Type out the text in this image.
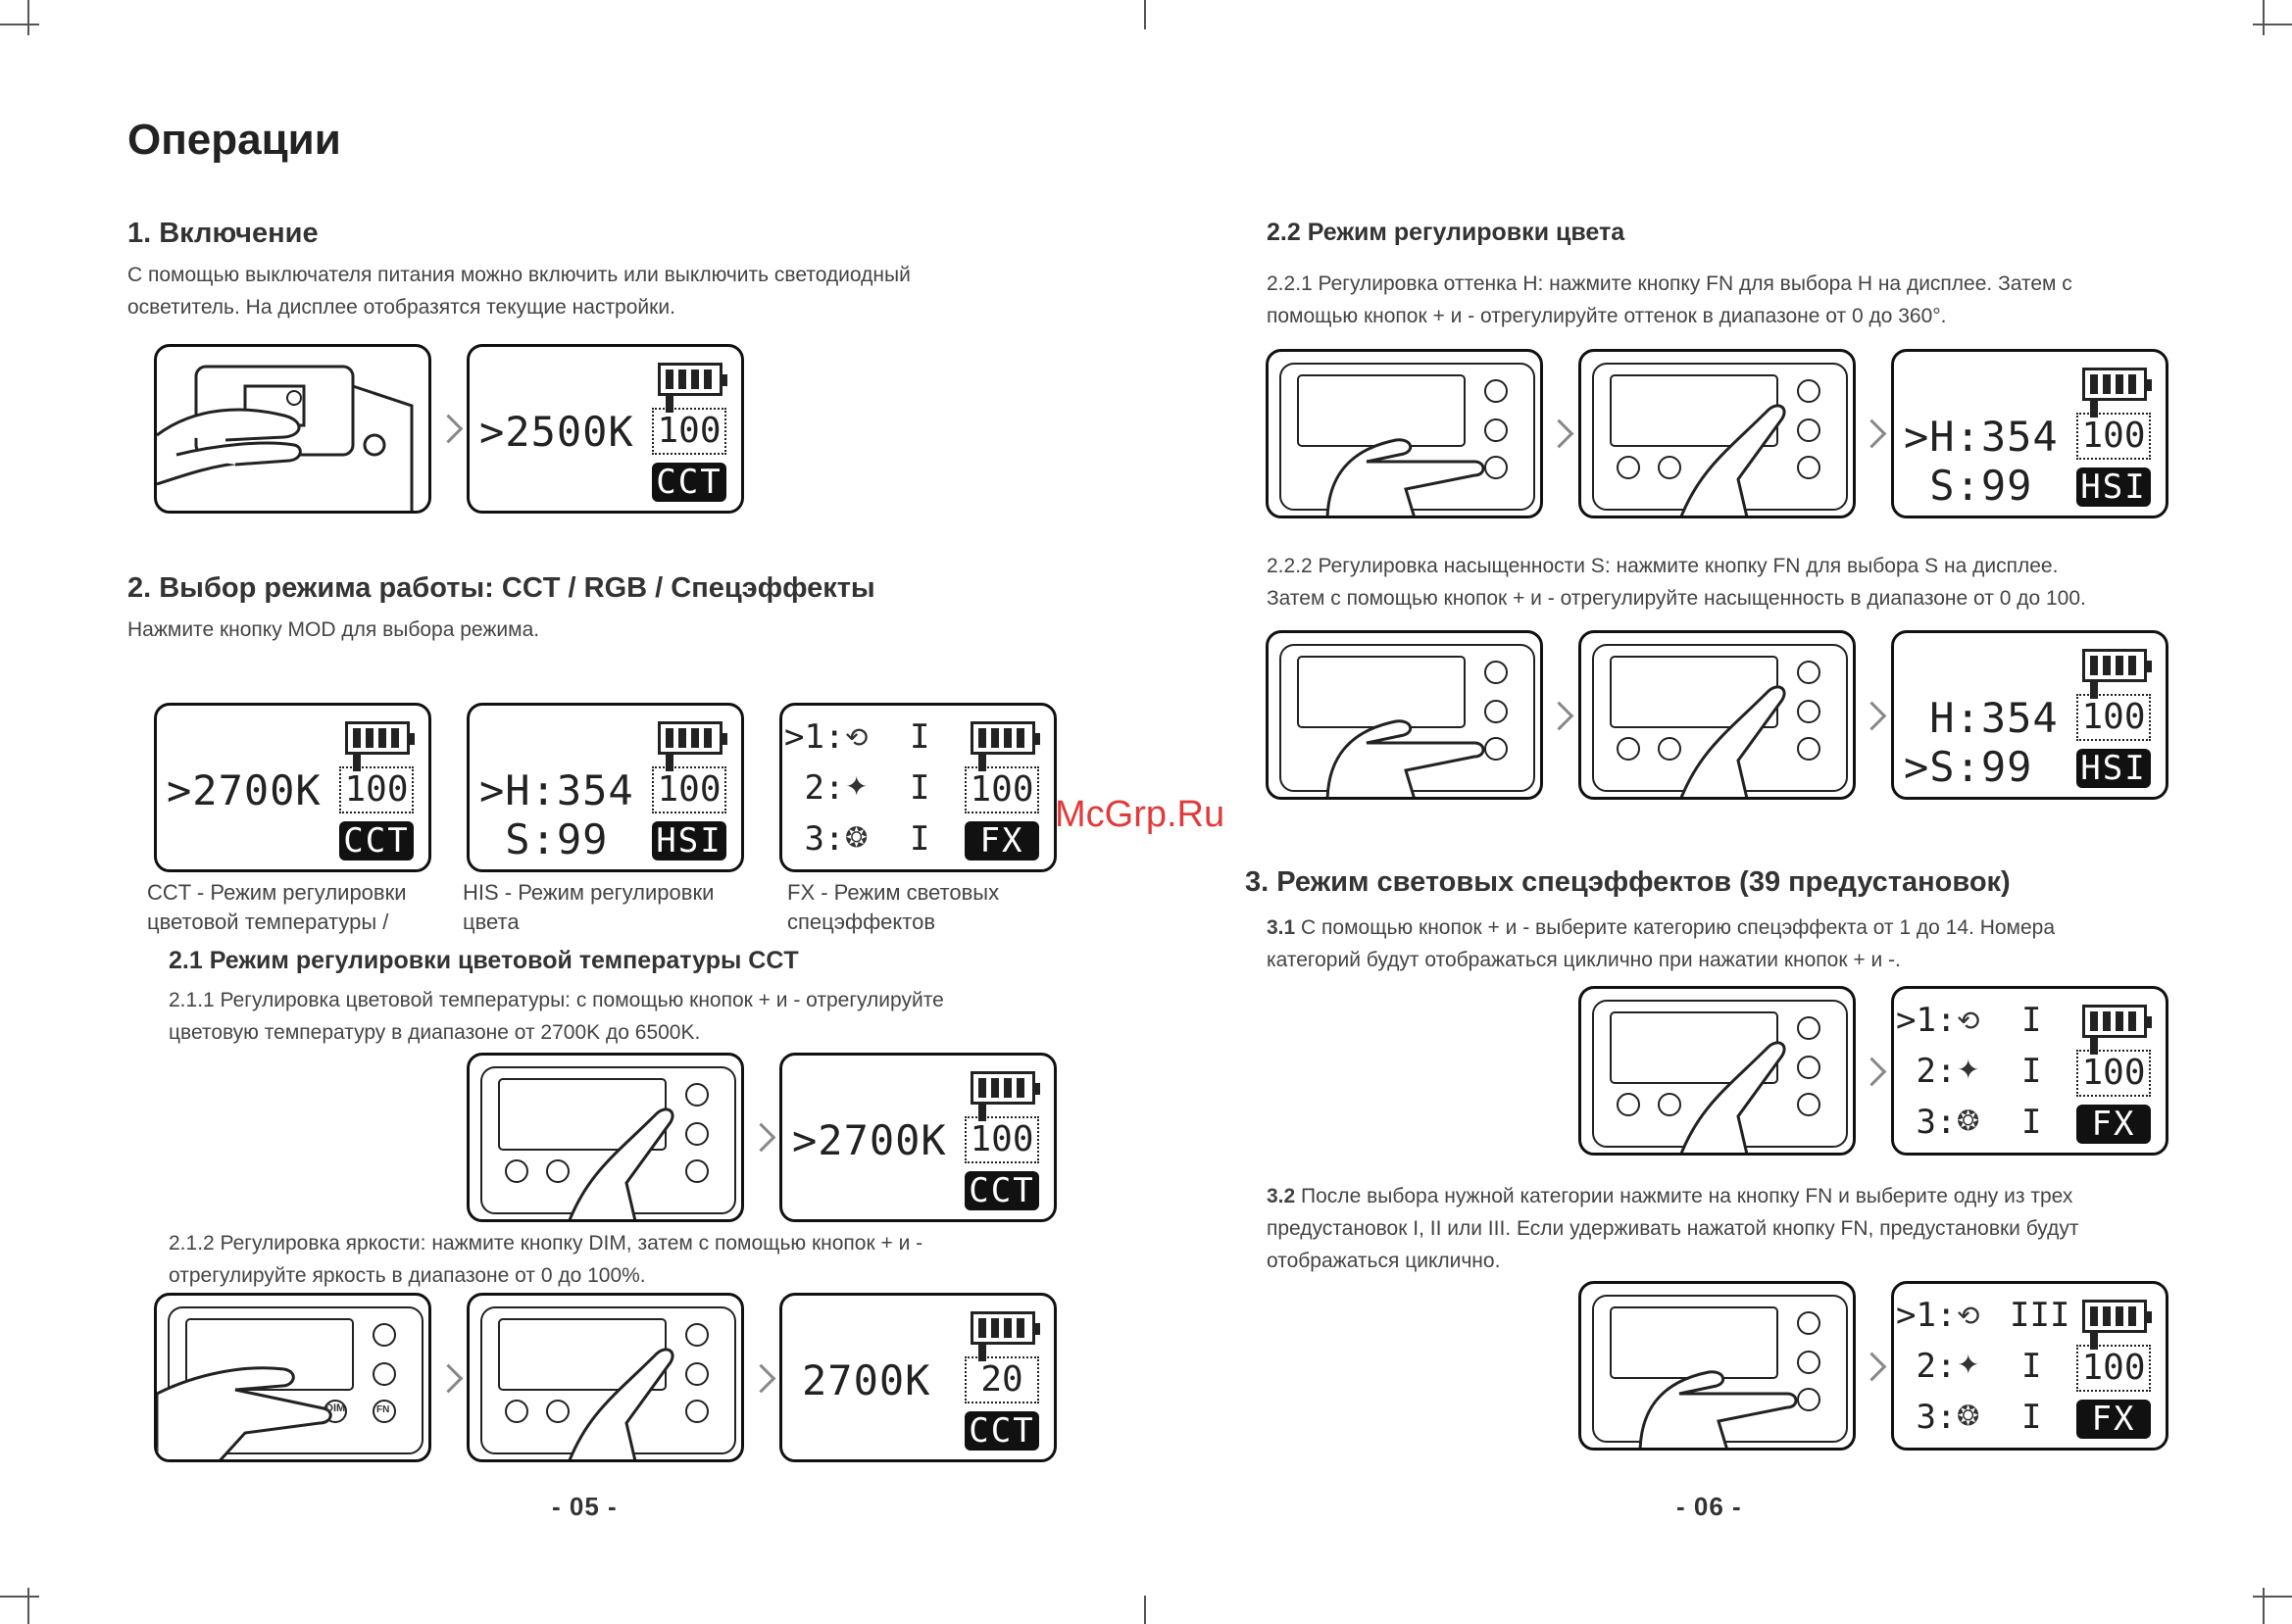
Операции
1. Включение
С помощью выключателя питания можно включить или выключить светодиодный
осветитель. На дисплее отобразятся текущие настройки.
>2500K 100
CCT
2. Выбор режима работы: CCT / RGB / Спецэффекты
Нажмите кнопку MOD для выбора режима.
>2700K 100
CCT
>H:354
S:99
100
HSI
>1: ⟲ I
2: ✦ I
3: ❂ I
100
FX
McGrp.Ru
CCT - Режим регулировки
цветовой температуры /
HIS - Режим регулировки
цвета
FX - Режим световых
спецэффектов
2.1 Режим регулировки цветовой температуры CCT
2.1.1 Регулировка цветовой температуры: с помощью кнопок + и - отрегулируйте
цветовую температуру в диапазоне от 2700K до 6500K.
>2700K 100
CCT
2.1.2 Регулировка яркости: нажмите кнопку DIM, затем с помощью кнопок + и -
отрегулируйте яркость в диапазоне от 0 до 100%.
DIM	FN
2700K	20
CCT
- 05 -
2.2 Режим регулировки цвета
2.2.1 Регулировка оттенка H: нажмите кнопку FN для выбора H на дисплее. Затем с
помощью кнопок + и - отрегулируйте оттенок в диапазоне от 0 до 360°.
>H:354
S:99
100
HSI
2.2.2 Регулировка насыщенности S: нажмите кнопку FN для выбора S на дисплее.
Затем с помощью кнопок + и - отрегулируйте насыщенность в диапазоне от 0 до 100.
H:354
>S:99
100
HSI
3. Режим световых спецэффектов (39 предустановок)
3.1 С помощью кнопок + и - выберите категорию спецэффекта от 1 до 14. Номера
категорий будут отображаться циклично при нажатии кнопок + и -.
>1: ⟲ I
2: ✦ I
3: ❂ I
100
FX
3.2 После выбора нужной категории нажмите на кнопку FN и выберите одну из трех
предустановок I, II или III. Если удерживать нажатой кнопку FN, предустановки будут
отображаться циклично.
>1: ⟲ III
2: ✦ I
3: ❂ I
100
FX
- 06 -
